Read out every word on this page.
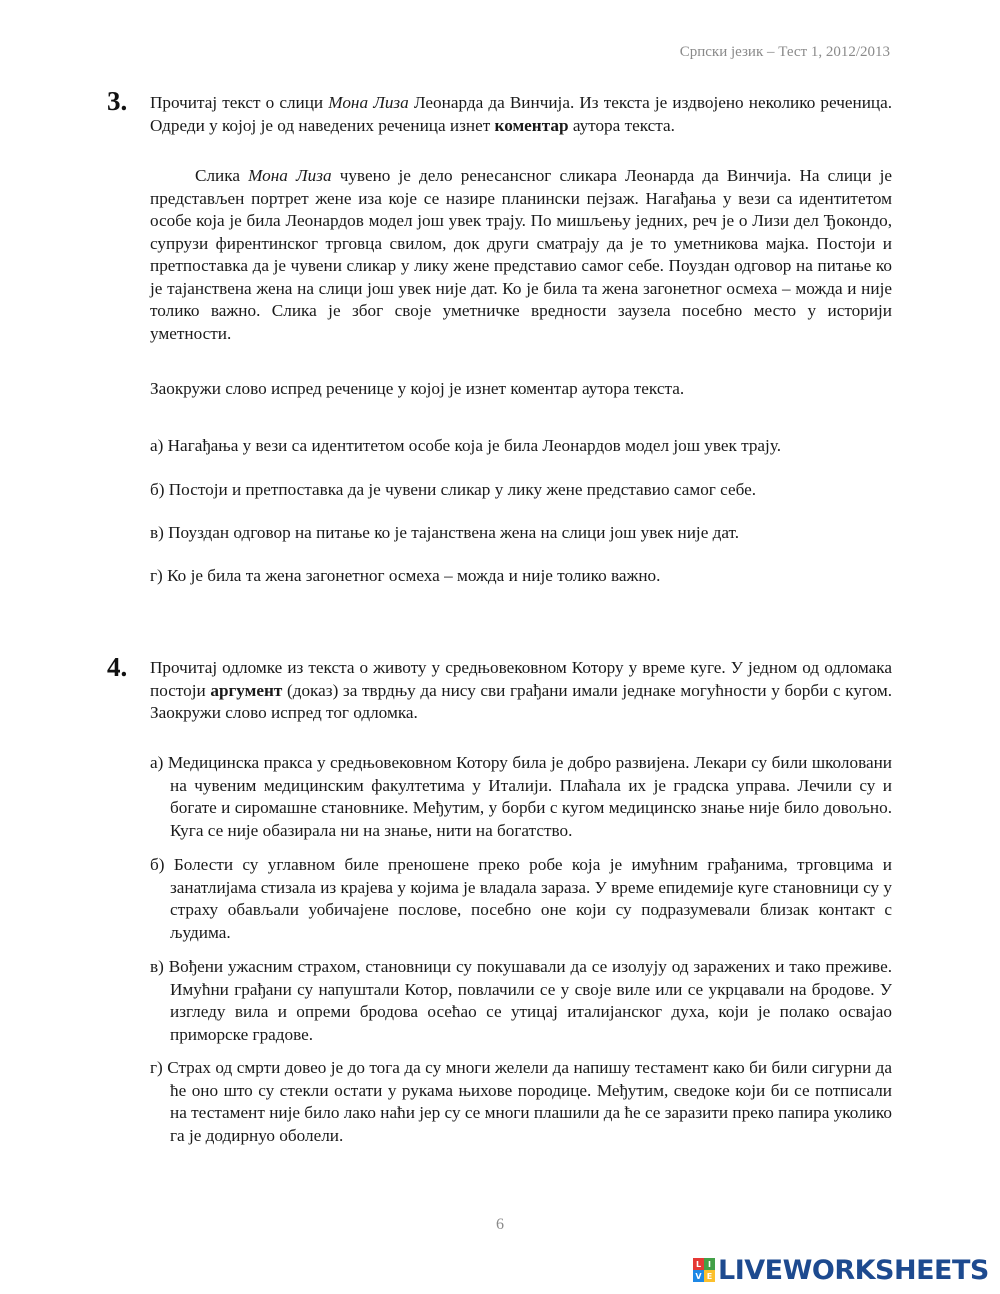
Српски језик – Тест 1, 2012/2013
3. Прочитај текст о слици Мона Лиза Леонарда да Винчија. Из текста је издвојено неколико реченица. Одреди у којој је од наведених реченица изнет коментар аутора текста.
Слика Мона Лиза чувено је дело ренесансног сликара Леонарда да Винчија. На слици је представљен портрет жене иза које се назире планински пејзаж. Нагађања у вези са идентитетом особе која је била Леонардов модел још увек трају. По мишљењу једних, реч је о Лизи дел Ђокондо, супрузи фирентинског трговца свилом, док други сматрају да је то уметникова мајка. Постоји и претпоставка да је чувени сликар у лику жене представио самог себе. Поуздан одговор на питање ко је тајанствена жена на слици још увек није дат. Ко је била та жена загонетног осмеха – можда и није толико важно. Слика је због своје уметничке вредности заузела посебно место у историји уметности.
Заокружи слово испред реченице у којој је изнет коментар аутора текста.
а) Нагађања у вези са идентитетом особе која је била Леонардов модел још увек трају.
б) Постоји и претпоставка да је чувени сликар у лику жене представио самог себе.
в) Поуздан одговор на питање ко је тајанствена жена на слици још увек није дат.
г) Ко је била та жена загонетног осмеха – можда и није толико важно.
4. Прочитај одломке из текста о животу у средњовековном Котору у време куге. У једном од одломака постоји аргумент (доказ) за тврдњу да нису сви грађани имали једнаке могућности у борби с кугом. Заокружи слово испред тог одломка.
а) Медицинска пракса у средњовековном Котору била је добро развијена. Лекари су били школовани на чувеним медицинским факултетима у Италији. Плаћала их је градска управа. Лечили су и богате и сиромашне становнике. Међутим, у борби с кугом медицинско знање није било довољно. Куга се није обазирала ни на знање, нити на богатство.
б) Болести су углавном биле преношене преко робе која је имућним грађанима, трговцима и занатлијама стизала из крајева у којима је владала зараза. У време епидемије куге становници су у страху обављали уобичајене послове, посебно оне који су подразумевали близак контакт с људима.
в) Вођени ужасним страхом, становници су покушавали да се изолују од заражених и тако преживе. Имућни грађани су напуштали Котор, повлачили се у своје виле или се укрцавали на бродове. У изгледу вила и опреми бродова осећао се утицај италијанског духа, који је полако освајао приморске градове.
г) Страх од смрти довео је до тога да су многи желели да напишу тестамент како би били сигурни да ће оно што су стекли остати у рукама њихове породице. Међутим, сведоке који би се потписали на тестамент није било лако наћи јер су се многи плашили да ће се заразити преко папира уколико га је додирнуо оболели.
6
L I
V E LIVEWORKSHEETS
